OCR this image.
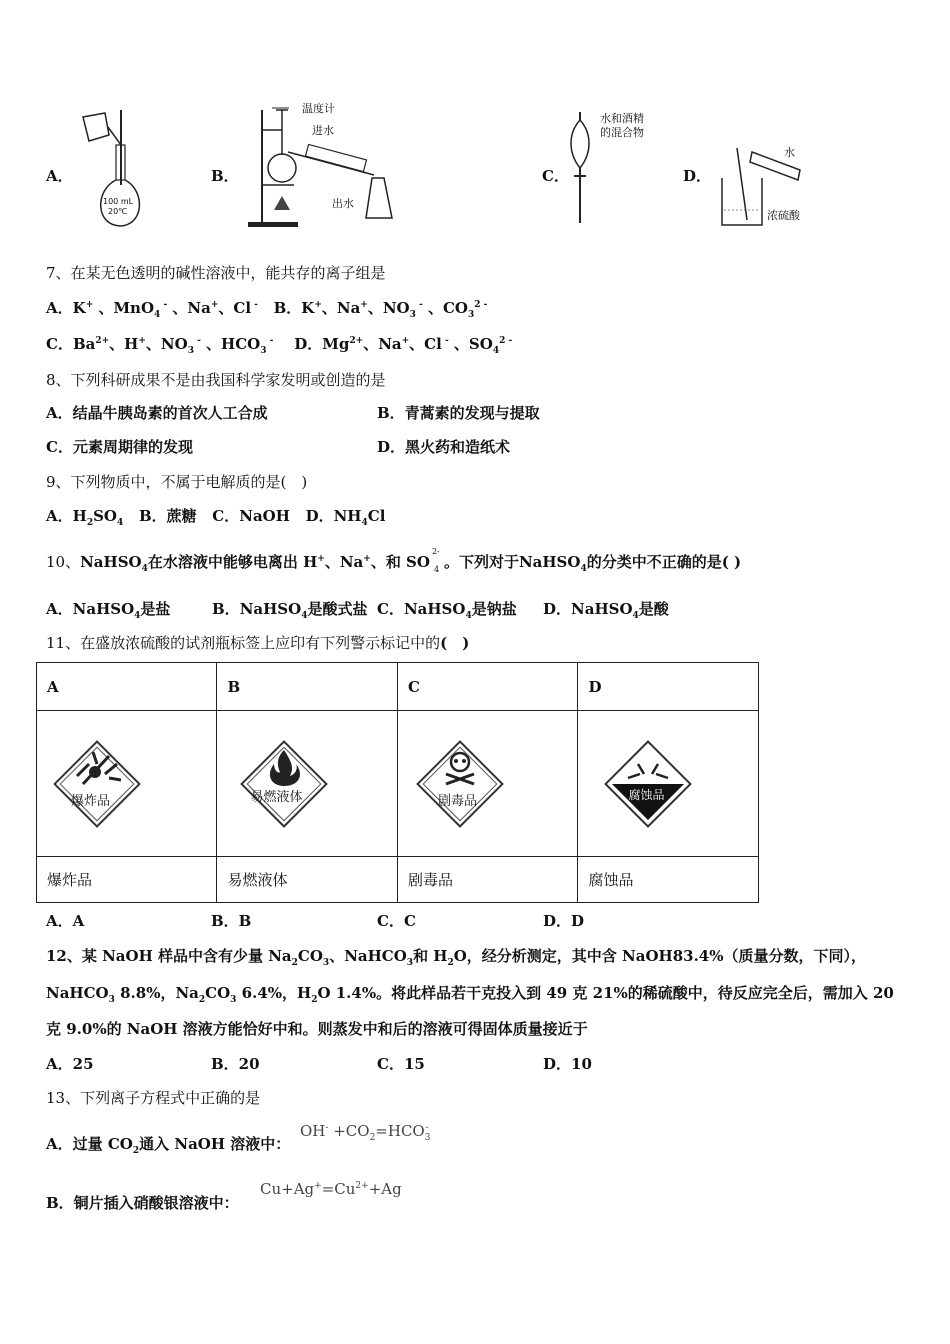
A．
100 mL
20℃
B．
温度计
进水
出水
C．
水和酒精
的混合物
D．
水
浓硫酸
7、在某无色透明的碱性溶液中，能共存的离子组是
A．K+ 、MnO$_4$ - 、Na+、Cl - B．K+、Na+、$NO_3$ - 、$CO_3^{2 -}$
C．$Ba^{2+}$、H+、$NO_3$ - 、$HCO_3$ - D．$Mg^{2+}$、Na+、Cl - 、$SO_4^{2 -}$
8、下列科研成果不是由我国科学家发明或创造的是
A．结晶牛胰岛素的首次人工合成	B．青蒿素的发现与提取
C．元素周期律的发现	D．黑火药和造纸术
9、下列物质中，不属于电解质的是(　)
A．$H_2SO_4$ B．蔗糖 C．NaOH D．$NH_4Cl$
10、NaHSO$_4$在水溶液中能够电离出 H+、Na+、和 SO
2-
4 。下列对于NaHSO$_4$的分类中不正确的是( )
A．NaHSO$_4$是盐	B．NaHSO$_4$是酸式盐 C．NaHSO$_4$是钠盐 D．NaHSO$_4$是酸
11、在盛放浓硫酸的试剂瓶标签上应印有下列警示标记中的(　)
A	B	C	D

爆炸品	易燃液体	剧毒品	腐蚀品

爆炸品	易燃液体	剧毒品	腐蚀品
A．A	B．B	C．C	D．D
12、某 NaOH 样品中含有少量 $Na_2CO_3$、NaHCO$_3$和 $H_2O$，经分析测定，其中含 NaOH83.4%（质量分数，下同），
NaHCO$_3$ 8.8%，$Na_2CO_3$ 6.4%，$H_2O$ 1.4%。将此样品若干克投入到 49 克 21%的稀硫酸中，待反应完全后，需加入 20
克 9.0%的 NaOH 溶液方能恰好中和。则蒸发中和后的溶液可得固体质量接近于
A．25	B．20	C．15	D．10
13、下列离子方程式中正确的是
A．过量 $CO_2$通入 NaOH 溶液中：
$OH^- +CO_2=HCO_3^-$
B．铜片插入硝酸银溶液中：
$Cu+Ag^+=Cu^{2+}+Ag$
